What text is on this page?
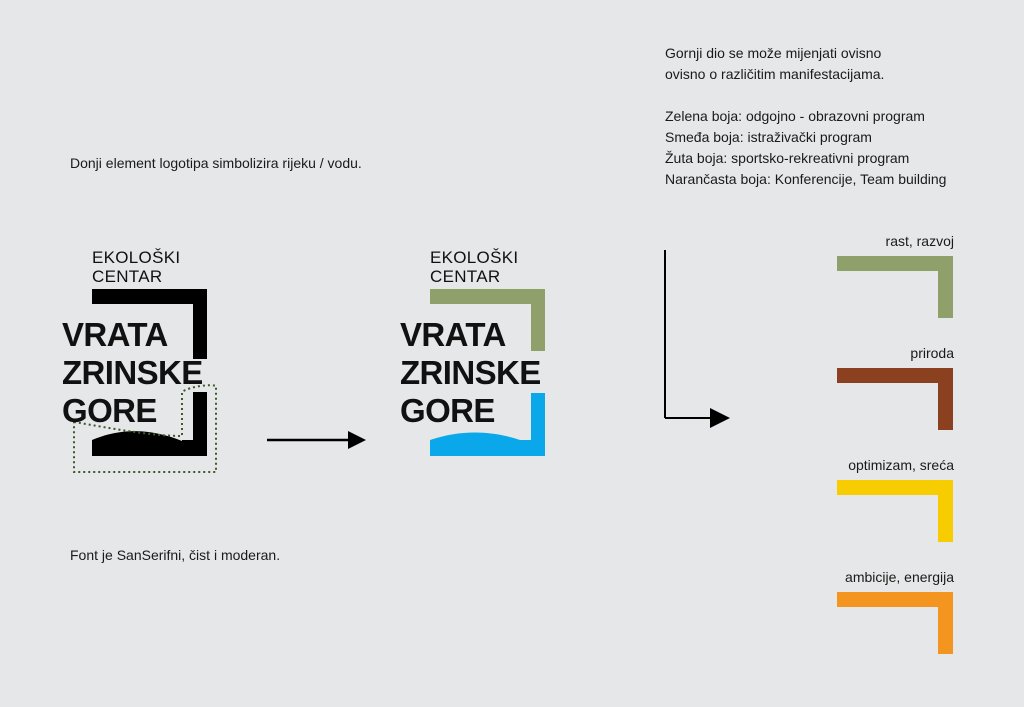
Gornji dio se može mijenjati ovisno

ovisno o različitim manifestacijama.

Zelena boja: odgojno - obrazovni program

Smeđa boja: istraživački program

Žuta boja: sportsko-rekreativni program

Narančasta boja: Konferencije, Team building

Donji element logotipa simbolizira rijeku / vodu.
Font je SanSerifni, čist i moderan.
EKOLOŠKI
CENTAR
VRATA
ZRINSKE
GORE
EKOLOŠKI
CENTAR
VRATA
ZRINSKE
GORE
rast, razvoj
priroda
optimizam, sreća
ambicije, energija
